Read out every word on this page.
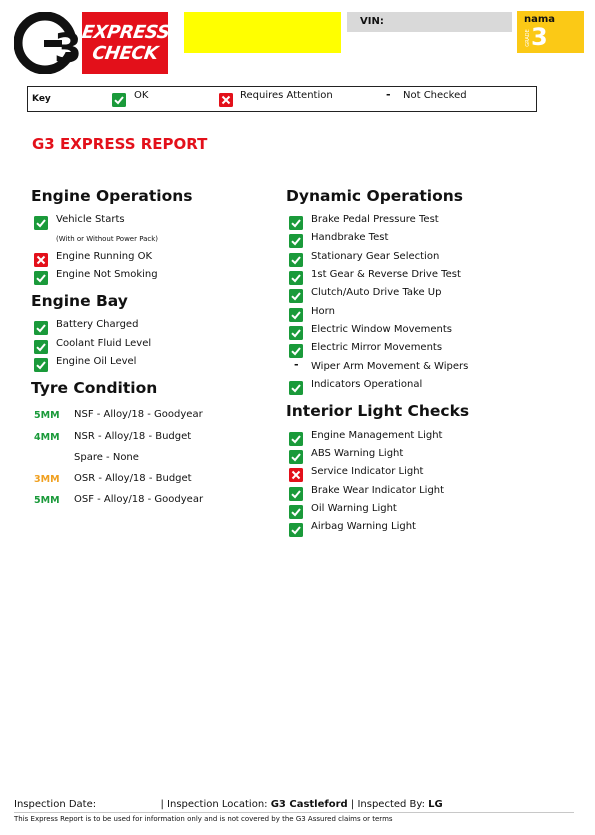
3
EXPRESS
CHECK
VIN:	nama
GRADE 3
Key	OK	Requires Attention	- Not Checked
G3 EXPRESS REPORT
Engine Operations
Vehicle Starts
(With or Without Power Pack)
Engine Running OK
Engine Not Smoking
Engine Bay
Battery Charged
Coolant Fluid Level
Engine Oil Level
Tyre Condition
5MM NSF - Alloy/18 - Goodyear
4MM NSR - Alloy/18 - Budget
Spare - None
3MM OSR - Alloy/18 - Budget
5MM OSF - Alloy/18 - Goodyear
Dynamic Operations
Brake Pedal Pressure Test
Handbrake Test
Stationary Gear Selection
1st Gear & Reverse Drive Test
Clutch/Auto Drive Take Up
Horn
Electric Window Movements
Electric Mirror Movements
- Wiper Arm Movement & Wipers
Indicators Operational
Interior Light Checks
Engine Management Light
ABS Warning Light
Service Indicator Light
Brake Wear Indicator Light
Oil Warning Light
Airbag Warning Light
Inspection Date:	| Inspection Location: G3 Castleford | Inspected By: LG
This Express Report is to be used for information only and is not covered by the G3 Assured claims or terms
